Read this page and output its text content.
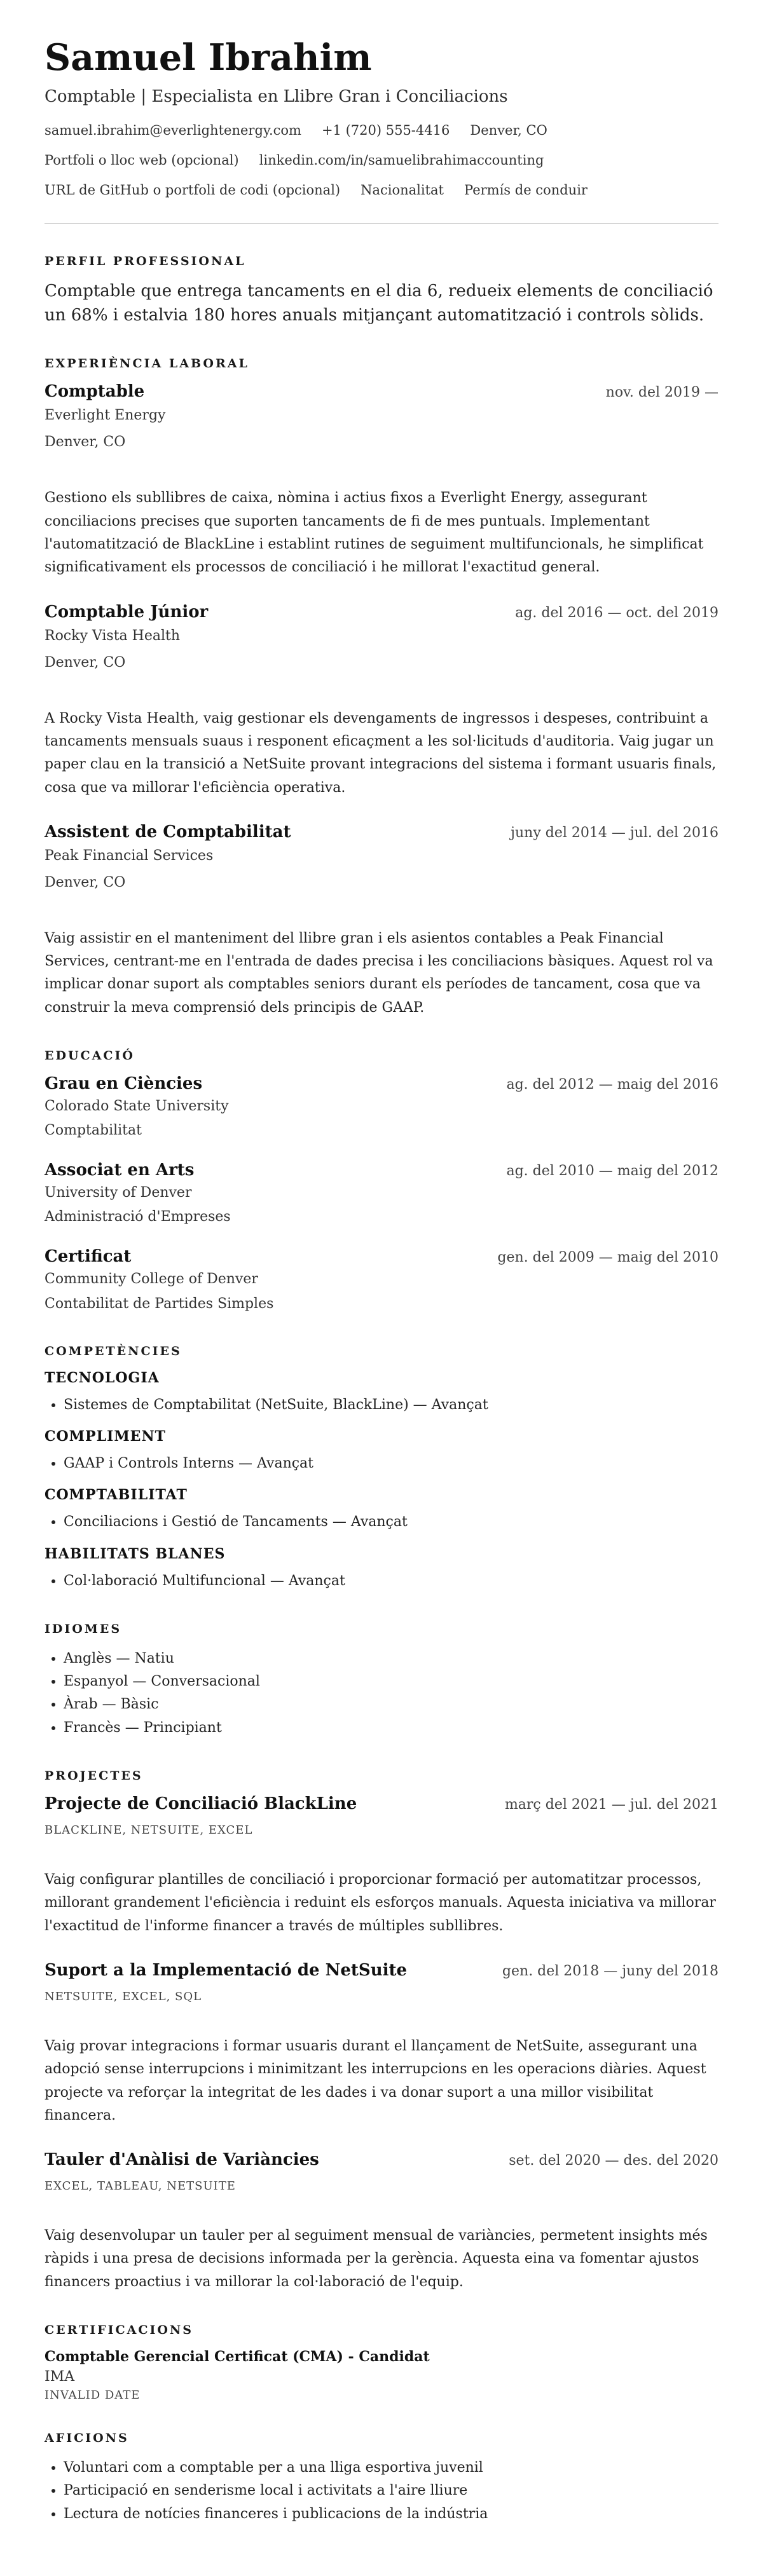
Samuel Ibrahim
Comptable | Especialista en Llibre Gran i Conciliacions
samuel.ibrahim@everlightenergy.com +1 (720) 555-4416 Denver, CO
Portfoli o lloc web (opcional) linkedin.com/in/samuelibrahimaccounting
URL de GitHub o portfoli de codi (opcional) Nacionalitat Permís de conduir
PERFIL PROFESSIONAL
Comptable que entrega tancaments en el dia 6, redueix elements de conciliació un 68% i estalvia 180 hores anuals mitjançant automatització i controls sòlids.
EXPERIÈNCIA LABORAL
Comptable	nov. del 2019 —
Everlight Energy
Denver, CO
Gestiono els subllibres de caixa, nòmina i actius fixos a Everlight Energy, assegurant conciliacions precises que suporten tancaments de fi de mes puntuals. Implementant l'automatització de BlackLine i establint rutines de seguiment multifuncionals, he simplificat significativament els processos de conciliació i he millorat l'exactitud general.
Comptable Júnior	ag. del 2016 — oct. del 2019
Rocky Vista Health
Denver, CO
A Rocky Vista Health, vaig gestionar els devengaments de ingressos i despeses, contribuint a tancaments mensuals suaus i responent eficaçment a les sol·licituds d'auditoria. Vaig jugar un paper clau en la transició a NetSuite provant integracions del sistema i formant usuaris finals, cosa que va millorar l'eficiència operativa.
Assistent de Comptabilitat	juny del 2014 — jul. del 2016
Peak Financial Services
Denver, CO
Vaig assistir en el manteniment del llibre gran i els asientos contables a Peak Financial Services, centrant-me en l'entrada de dades precisa i les conciliacions bàsiques. Aquest rol va implicar donar suport als comptables seniors durant els períodes de tancament, cosa que va construir la meva comprensió dels principis de GAAP.
EDUCACIÓ
Grau en Ciències	ag. del 2012 — maig del 2016
Colorado State University
Comptabilitat
Associat en Arts	ag. del 2010 — maig del 2012
University of Denver
Administració d'Empreses
Certificat	gen. del 2009 — maig del 2010
Community College of Denver
Contabilitat de Partides Simples
COMPETÈNCIES
TECNOLOGIA
• Sistemes de Comptabilitat (NetSuite, BlackLine) — Avançat
COMPLIMENT
• GAAP i Controls Interns — Avançat
COMPTABILITAT
• Conciliacions i Gestió de Tancaments — Avançat
HABILITATS BLANES
• Col·laboració Multifuncional — Avançat
IDIOMES
• Anglès — Natiu
• Espanyol — Conversacional
• Àrab — Bàsic
• Francès — Principiant
PROJECTES
Projecte de Conciliació BlackLine	març del 2021 — jul. del 2021
BLACKLINE, NETSUITE, EXCEL
Vaig configurar plantilles de conciliació i proporcionar formació per automatitzar processos, millorant grandement l'eficiència i reduint els esforços manuals. Aquesta iniciativa va millorar l'exactitud de l'informe financer a través de múltiples subllibres.
Suport a la Implementació de NetSuite	gen. del 2018 — juny del 2018
NETSUITE, EXCEL, SQL
Vaig provar integracions i formar usuaris durant el llançament de NetSuite, assegurant una adopció sense interrupcions i minimitzant les interrupcions en les operacions diàries. Aquest projecte va reforçar la integritat de les dades i va donar suport a una millor visibilitat financera.
Tauler d'Anàlisi de Variàncies	set. del 2020 — des. del 2020
EXCEL, TABLEAU, NETSUITE
Vaig desenvolupar un tauler per al seguiment mensual de variàncies, permetent insights més ràpids i una presa de decisions informada per la gerència. Aquesta eina va fomentar ajustos financers proactius i va millorar la col·laboració de l'equip.
CERTIFICACIONS
Comptable Gerencial Certificat (CMA) - Candidat
IMA
INVALID DATE
AFICIONS
• Voluntari com a comptable per a una lliga esportiva juvenil
• Participació en senderisme local i activitats a l'aire lliure
• Lectura de notícies financeres i publicacions de la indústria
